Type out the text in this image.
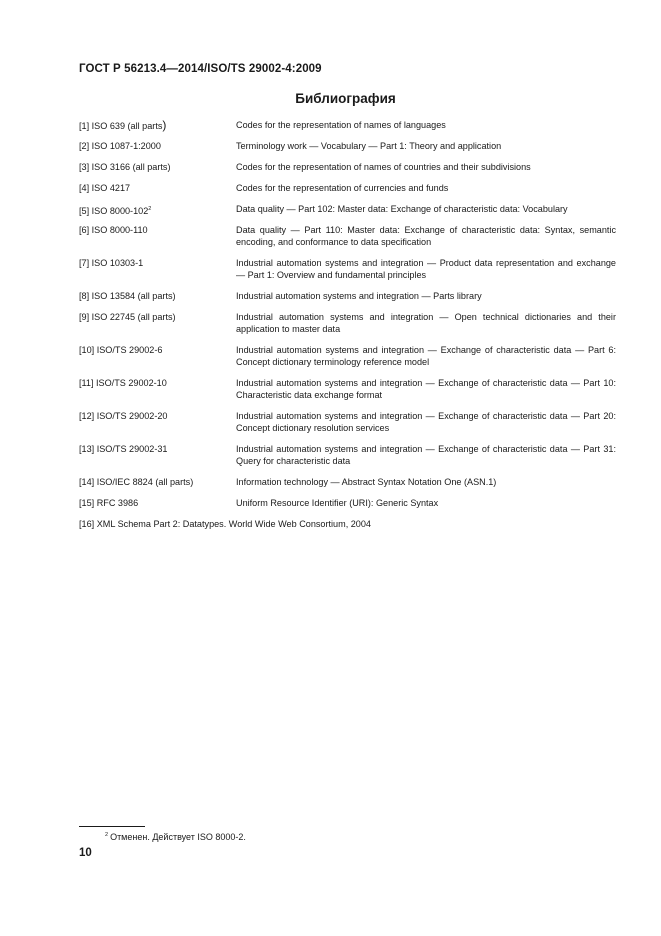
ГОСТ Р 56213.4—2014/ISO/TS 29002-4:2009
Библиография
[1] ISO 639 (all parts)	Codes for the representation of names of languages
[2] ISO 1087-1:2000	Terminology work — Vocabulary — Part 1: Theory and application
[3] ISO 3166 (all parts)	Codes for the representation of names of countries and their subdivisions
[4] ISO 4217	Codes for the representation of currencies and funds
[5] ISO $8000-102^2$	Data quality — Part 102: Master data: Exchange of characteristic data: Vocabulary
[6] ISO 8000-110	Data quality — Part 110: Master data: Exchange of characteristic data: Syntax, semantic encoding, and conformance to data specification
[7] ISO 10303-1	Industrial automation systems and integration — Product data representation and exchange — Part 1: Overview and fundamental principles
[8] ISO 13584 (all parts)	Industrial automation systems and integration — Parts library
[9] ISO 22745 (all parts)	Industrial automation systems and integration — Open technical dictionaries and their application to master data
[10] ISO/TS 29002-6	Industrial automation systems and integration — Exchange of characteristic data — Part 6: Concept dictionary terminology reference model
[11] ISO/TS 29002-10	Industrial automation systems and integration — Exchange of characteristic data — Part 10: Characteristic data exchange format
[12] ISO/TS 29002-20	Industrial automation systems and integration — Exchange of characteristic data — Part 20: Concept dictionary resolution services
[13] ISO/TS 29002-31	Industrial automation systems and integration — Exchange of characteristic data — Part 31: Query for characteristic data
[14] ISO/IEC 8824 (all parts)	Information technology — Abstract Syntax Notation One (ASN.1)
[15] RFC 3986	Uniform Resource Identifier (URI): Generic Syntax
[16] XML Schema Part 2: Datatypes. World Wide Web Consortium, 2004
$^2$ Отменен. Действует ISO 8000-2.
10
